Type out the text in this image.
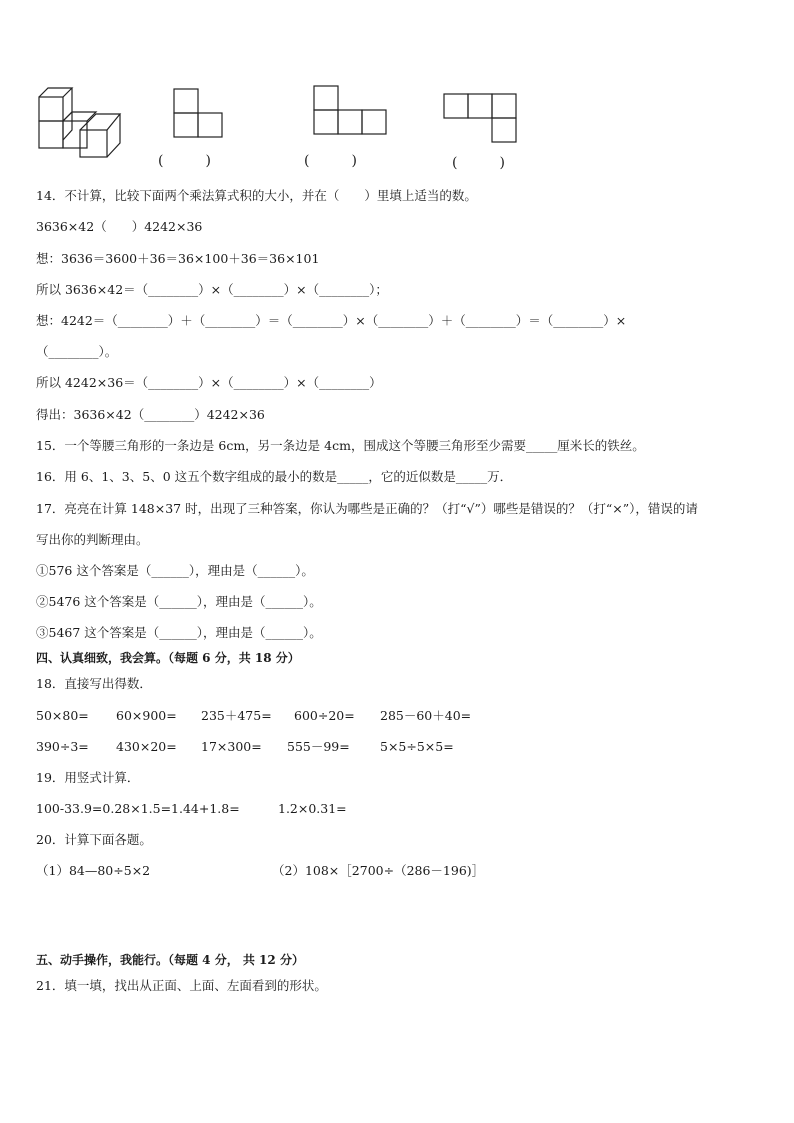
(　　　)	(　　　)	(　　　)
14．不计算，比较下面两个乘法算式积的大小，并在（　　）里填上适当的数。
3636×42（　　）4242×36
想：3636＝3600＋36＝36×100＋36＝36×101
所以 3636×42＝（________）×（________）×（________）；
想：4242＝（________）＋（________）＝（________）×（________）＋（________）＝（________）×
（________）。
所以 4242×36＝（________）×（________）×（________）
得出：3636×42（________）4242×36
15．一个等腰三角形的一条边是 6cm，另一条边是 4cm，围成这个等腰三角形至少需要_____厘米长的铁丝。
16．用 6、1、3、5、0 这五个数字组成的最小的数是_____，它的近似数是_____万．
17．亮亮在计算 148×37 时，出现了三种答案，你认为哪些是正确的？（打“√”）哪些是错误的？（打“×”），错误的请
写出你的判断理由。
①576 这个答案是（______），理由是（______）。
②5476 这个答案是（______），理由是（______）。
③5467 这个答案是（______），理由是（______）。
四、认真细致，我会算。（每题 6 分，共 18 分）
18．直接写出得数．
50×80= 60×900= 235＋475= 600÷20= 285－60＋40=
390÷3= 430×20= 17×300= 555－99= 5×5÷5×5=
19．用竖式计算．
100-33.9=0.28×1.5=1.44+1.8=	1.2×0.31=
20．计算下面各题。
（1）84—80÷5×2	（2）108×［2700÷（286－196)］
五、动手操作，我能行。（每题 4 分， 共 12 分）
21．填一填，找出从正面、上面、左面看到的形状。
